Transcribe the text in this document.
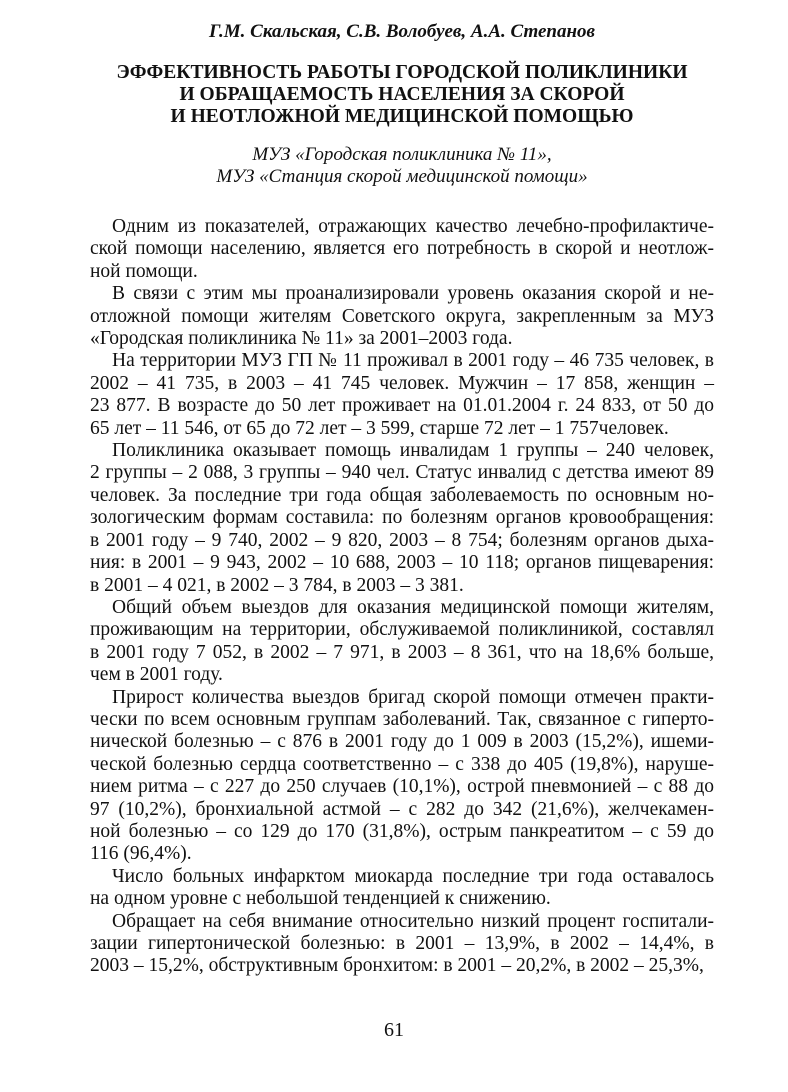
Г.М. Скальская, С.В. Волобуев, А.А. Степанов
ЭФФЕКТИВНОСТЬ РАБОТЫ ГОРОДСКОЙ ПОЛИКЛИНИКИ
И ОБРАЩАЕМОСТЬ НАСЕЛЕНИЯ ЗА СКОРОЙ
И НЕОТЛОЖНОЙ МЕДИЦИНСКОЙ ПОМОЩЬЮ
МУЗ «Городская поликлиника № 11»,
МУЗ «Станция скорой медицинской помощи»

Одним из показателей, отражающих качество лечебно-профилактиче-
ской помощи населению, является его потребность в скорой и неотлож-
ной помощи.

В связи с этим мы проанализировали уровень оказания скорой и не-
отложной помощи жителям Советского округа, закрепленным за МУЗ
«Городская поликлиника № 11» за 2001–2003 года.

На территории МУЗ ГП № 11 проживал в 2001 году – 46 735 человек, в
2002 – 41 735, в 2003 – 41 745 человек. Мужчин – 17 858, женщин –
23 877. В возрасте до 50 лет проживает на 01.01.2004 г. 24 833, от 50 до
65 лет – 11 546, от 65 до 72 лет – 3 599, старше 72 лет – 1 757человек.

Поликлиника оказывает помощь инвалидам 1 группы – 240 человек,
2 группы – 2 088, 3 группы – 940 чел. Статус инвалид с детства имеют 89
человек. За последние три года общая заболеваемость по основным но-
зологическим формам составила: по болезням органов кровообращения:
в 2001 году – 9 740, 2002 – 9 820, 2003 – 8 754; болезням органов дыха-
ния: в 2001 – 9 943, 2002 – 10 688, 2003 – 10 118; органов пищеварения:
в 2001 – 4 021, в 2002 – 3 784, в 2003 – 3 381.

Общий объем выездов для оказания медицинской помощи жителям,
проживающим на территории, обслуживаемой поликлиникой, составлял
в 2001 году 7 052, в 2002 – 7 971, в 2003 – 8 361, что на 18,6% больше,
чем в 2001 году.

Прирост количества выездов бригад скорой помощи отмечен практи-
чески по всем основным группам заболеваний. Так, связанное с гиперто-
нической болезнью – с 876 в 2001 году до 1 009 в 2003 (15,2%), ишеми-
ческой болезнью сердца соответственно – с 338 до 405 (19,8%), наруше-
нием ритма – с 227 до 250 случаев (10,1%), острой пневмонией – с 88 до
97 (10,2%), бронхиальной астмой – с 282 до 342 (21,6%), желчекамен-
ной болезнью – со 129 до 170 (31,8%), острым панкреатитом – с 59 до
116 (96,4%).

Число больных инфарктом миокарда последние три года оставалось
на одном уровне с небольшой тенденцией к снижению.

Обращает на себя внимание относительно низкий процент госпитали-
зации гипертонической болезнью: в 2001 – 13,9%, в 2002 – 14,4%, в
2003 – 15,2%, обструктивным бронхитом: в 2001 – 20,2%, в 2002 – 25,3%,

61
